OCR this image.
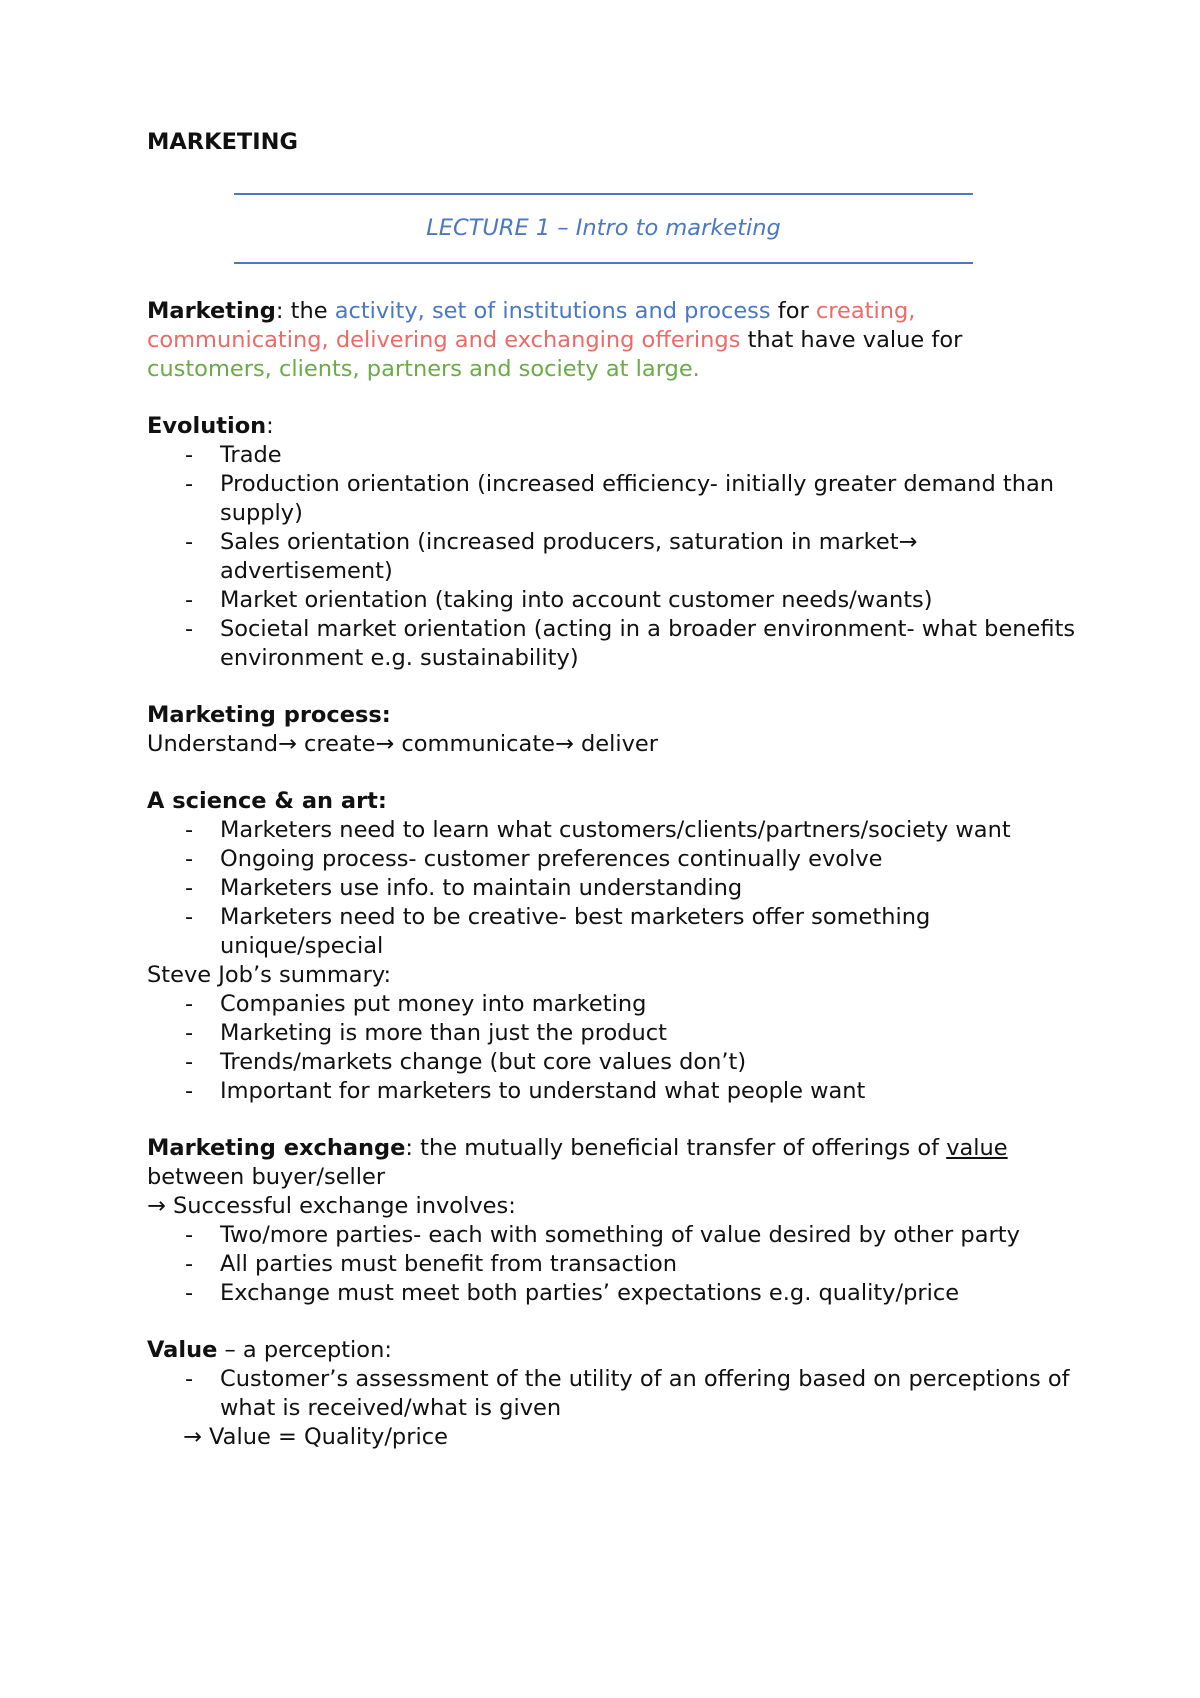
MARKETING
LECTURE 1 – Intro to marketing

Marketing: the activity, set of institutions and process for creating, communicating, delivering and exchanging offerings that have value for customers, clients, partners and society at large.

Evolution:

- Trade
- Production orientation (increased efficiency- initially greater demand than supply)
- Sales orientation (increased producers, saturation in market→ advertisement)
- Market orientation (taking into account customer needs/wants)
- Societal market orientation (acting in a broader environment- what benefits environment e.g. sustainability)

Marketing process:

Understand→ create→ communicate→ deliver

A science & an art:

- Marketers need to learn what customers/clients/partners/society want
- Ongoing process- customer preferences continually evolve
- Marketers use info. to maintain understanding
- Marketers need to be creative- best marketers offer something unique/special

Steve Job’s summary:

- Companies put money into marketing
- Marketing is more than just the product
- Trends/markets change (but core values don’t)
- Important for marketers to understand what people want

Marketing exchange: the mutually beneficial transfer of offerings of value between buyer/seller

→ Successful exchange involves:

- Two/more parties- each with something of value desired by other party
- All parties must benefit from transaction
- Exchange must meet both parties’ expectations e.g. quality/price

Value – a perception:

- Customer’s assessment of the utility of an offering based on perceptions of what is received/what is given

→ Value = Quality/price
